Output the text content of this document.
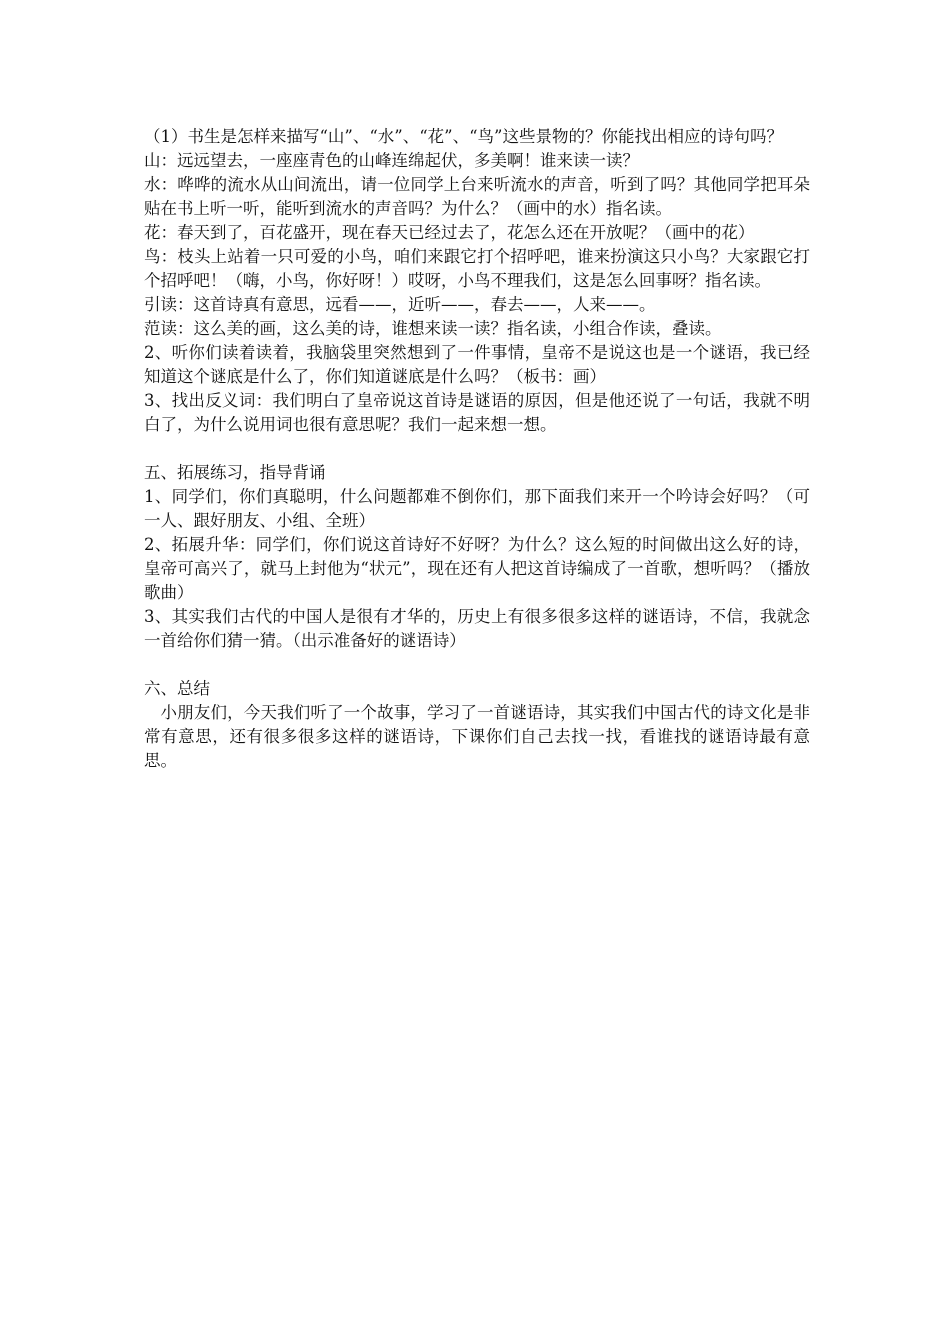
（1）书生是怎样来描写“山”、“水”、“花”、“鸟”这些景物的？你能找出相应的诗句吗？

山：远远望去，一座座青色的山峰连绵起伏，多美啊！谁来读一读？

水：哗哗的流水从山间流出，请一位同学上台来听流水的声音，听到了吗？其他同学把耳朵贴在书上听一听，能听到流水的声音吗？为什么？（画中的水）指名读。

花：春天到了，百花盛开，现在春天已经过去了，花怎么还在开放呢？（画中的花）

鸟：枝头上站着一只可爱的小鸟，咱们来跟它打个招呼吧，谁来扮演这只小鸟？大家跟它打个招呼吧！（嗨，小鸟，你好呀！）哎呀，小鸟不理我们，这是怎么回事呀？指名读。

引读：这首诗真有意思，远看——，近听——，春去——，人来——。

范读：这么美的画，这么美的诗，谁想来读一读？指名读，小组合作读，叠读。

2、听你们读着读着，我脑袋里突然想到了一件事情，皇帝不是说这也是一个谜语，我已经知道这个谜底是什么了，你们知道谜底是什么吗？（板书：画）

3、找出反义词：我们明白了皇帝说这首诗是谜语的原因，但是他还说了一句话，我就不明白了，为什么说用词也很有意思呢？我们一起来想一想。

五、拓展练习，指导背诵

1、同学们，你们真聪明，什么问题都难不倒你们，那下面我们来开一个吟诗会好吗？（可一人、跟好朋友、小组、全班）

2、拓展升华：同学们，你们说这首诗好不好呀？为什么？这么短的时间做出这么好的诗，皇帝可高兴了，就马上封他为“状元”，现在还有人把这首诗编成了一首歌，想听吗？（播放歌曲）

3、其实我们古代的中国人是很有才华的，历史上有很多很多这样的谜语诗，不信，我就念一首给你们猜一猜。（出示准备好的谜语诗）

六、总结

小朋友们，今天我们听了一个故事，学习了一首谜语诗，其实我们中国古代的诗文化是非常有意思，还有很多很多这样的谜语诗，下课你们自己去找一找，看谁找的谜语诗最有意思。
